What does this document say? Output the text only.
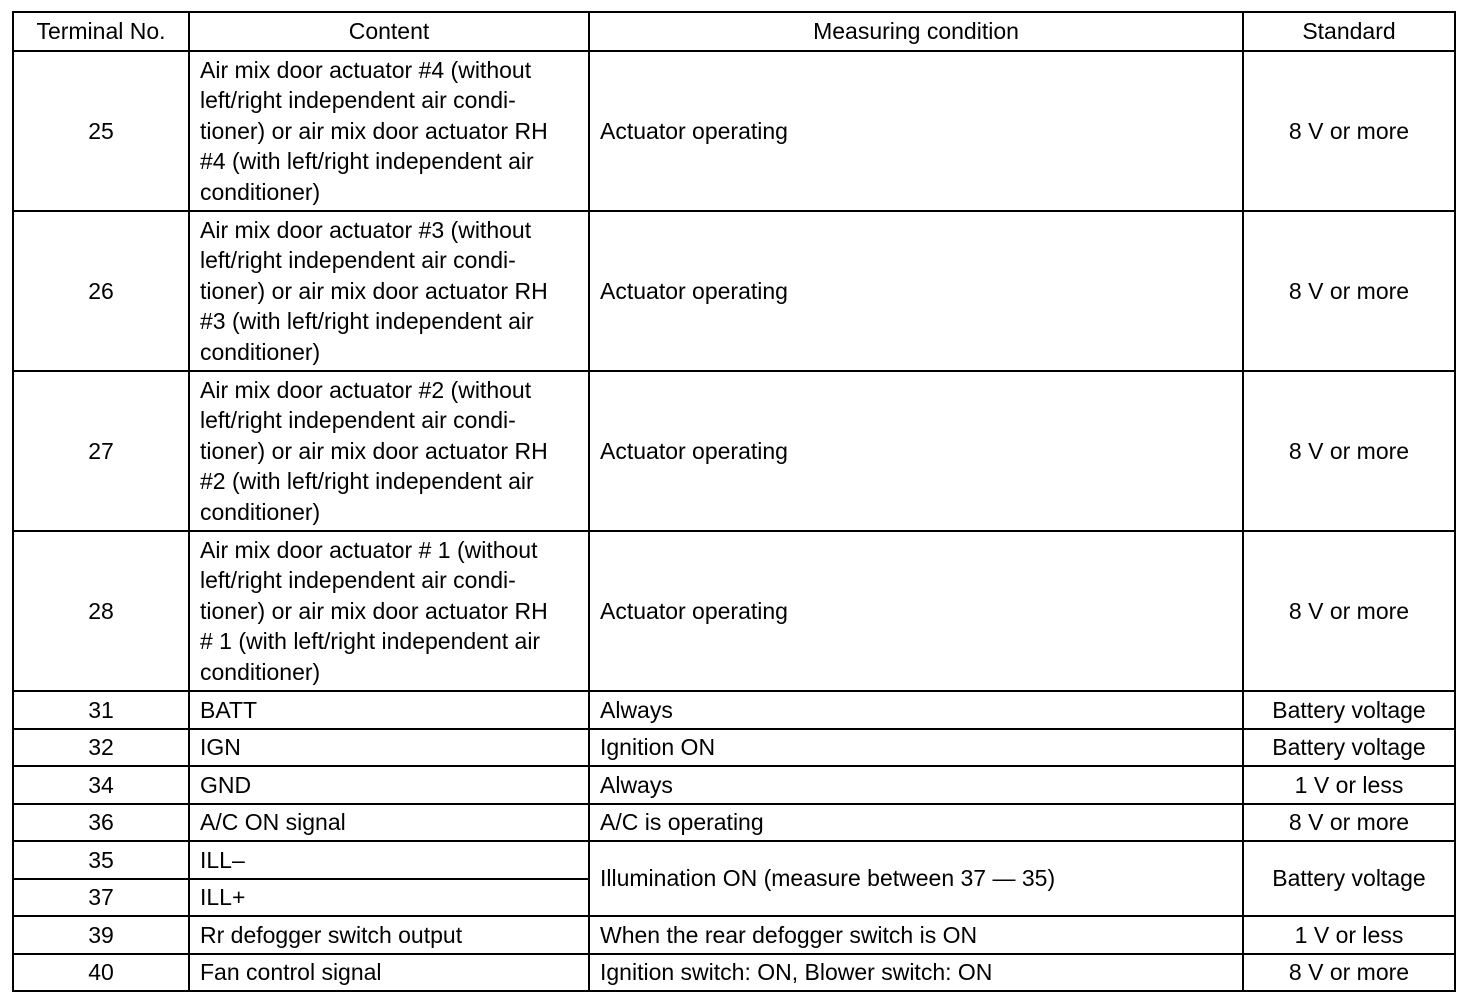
Terminal No.	Content	Measuring condition	Standard
25	Air mix door actuator #4 (without
left/right independent air condi-
tioner) or air mix door actuator RH
#4 (with left/right independent air
conditioner)	Actuator operating	8 V or more
26	Air mix door actuator #3 (without
left/right independent air condi-
tioner) or air mix door actuator RH
#3 (with left/right independent air
conditioner)	Actuator operating	8 V or more
27	Air mix door actuator #2 (without
left/right independent air condi-
tioner) or air mix door actuator RH
#2 (with left/right independent air
conditioner)	Actuator operating	8 V or more
28	Air mix door actuator # 1 (without
left/right independent air condi-
tioner) or air mix door actuator RH
# 1 (with left/right independent air
conditioner)	Actuator operating	8 V or more
31	BATT	Always	Battery voltage
32	IGN	Ignition ON	Battery voltage
34	GND	Always	1 V or less
36	A/C ON signal	A/C is operating	8 V or more
35	ILL–	Illumination ON (measure between 37 — 35)	Battery voltage
37	ILL+		
39	Rr defogger switch output	When the rear defogger switch is ON	1 V or less
40	Fan control signal	Ignition switch: ON, Blower switch: ON	8 V or more
